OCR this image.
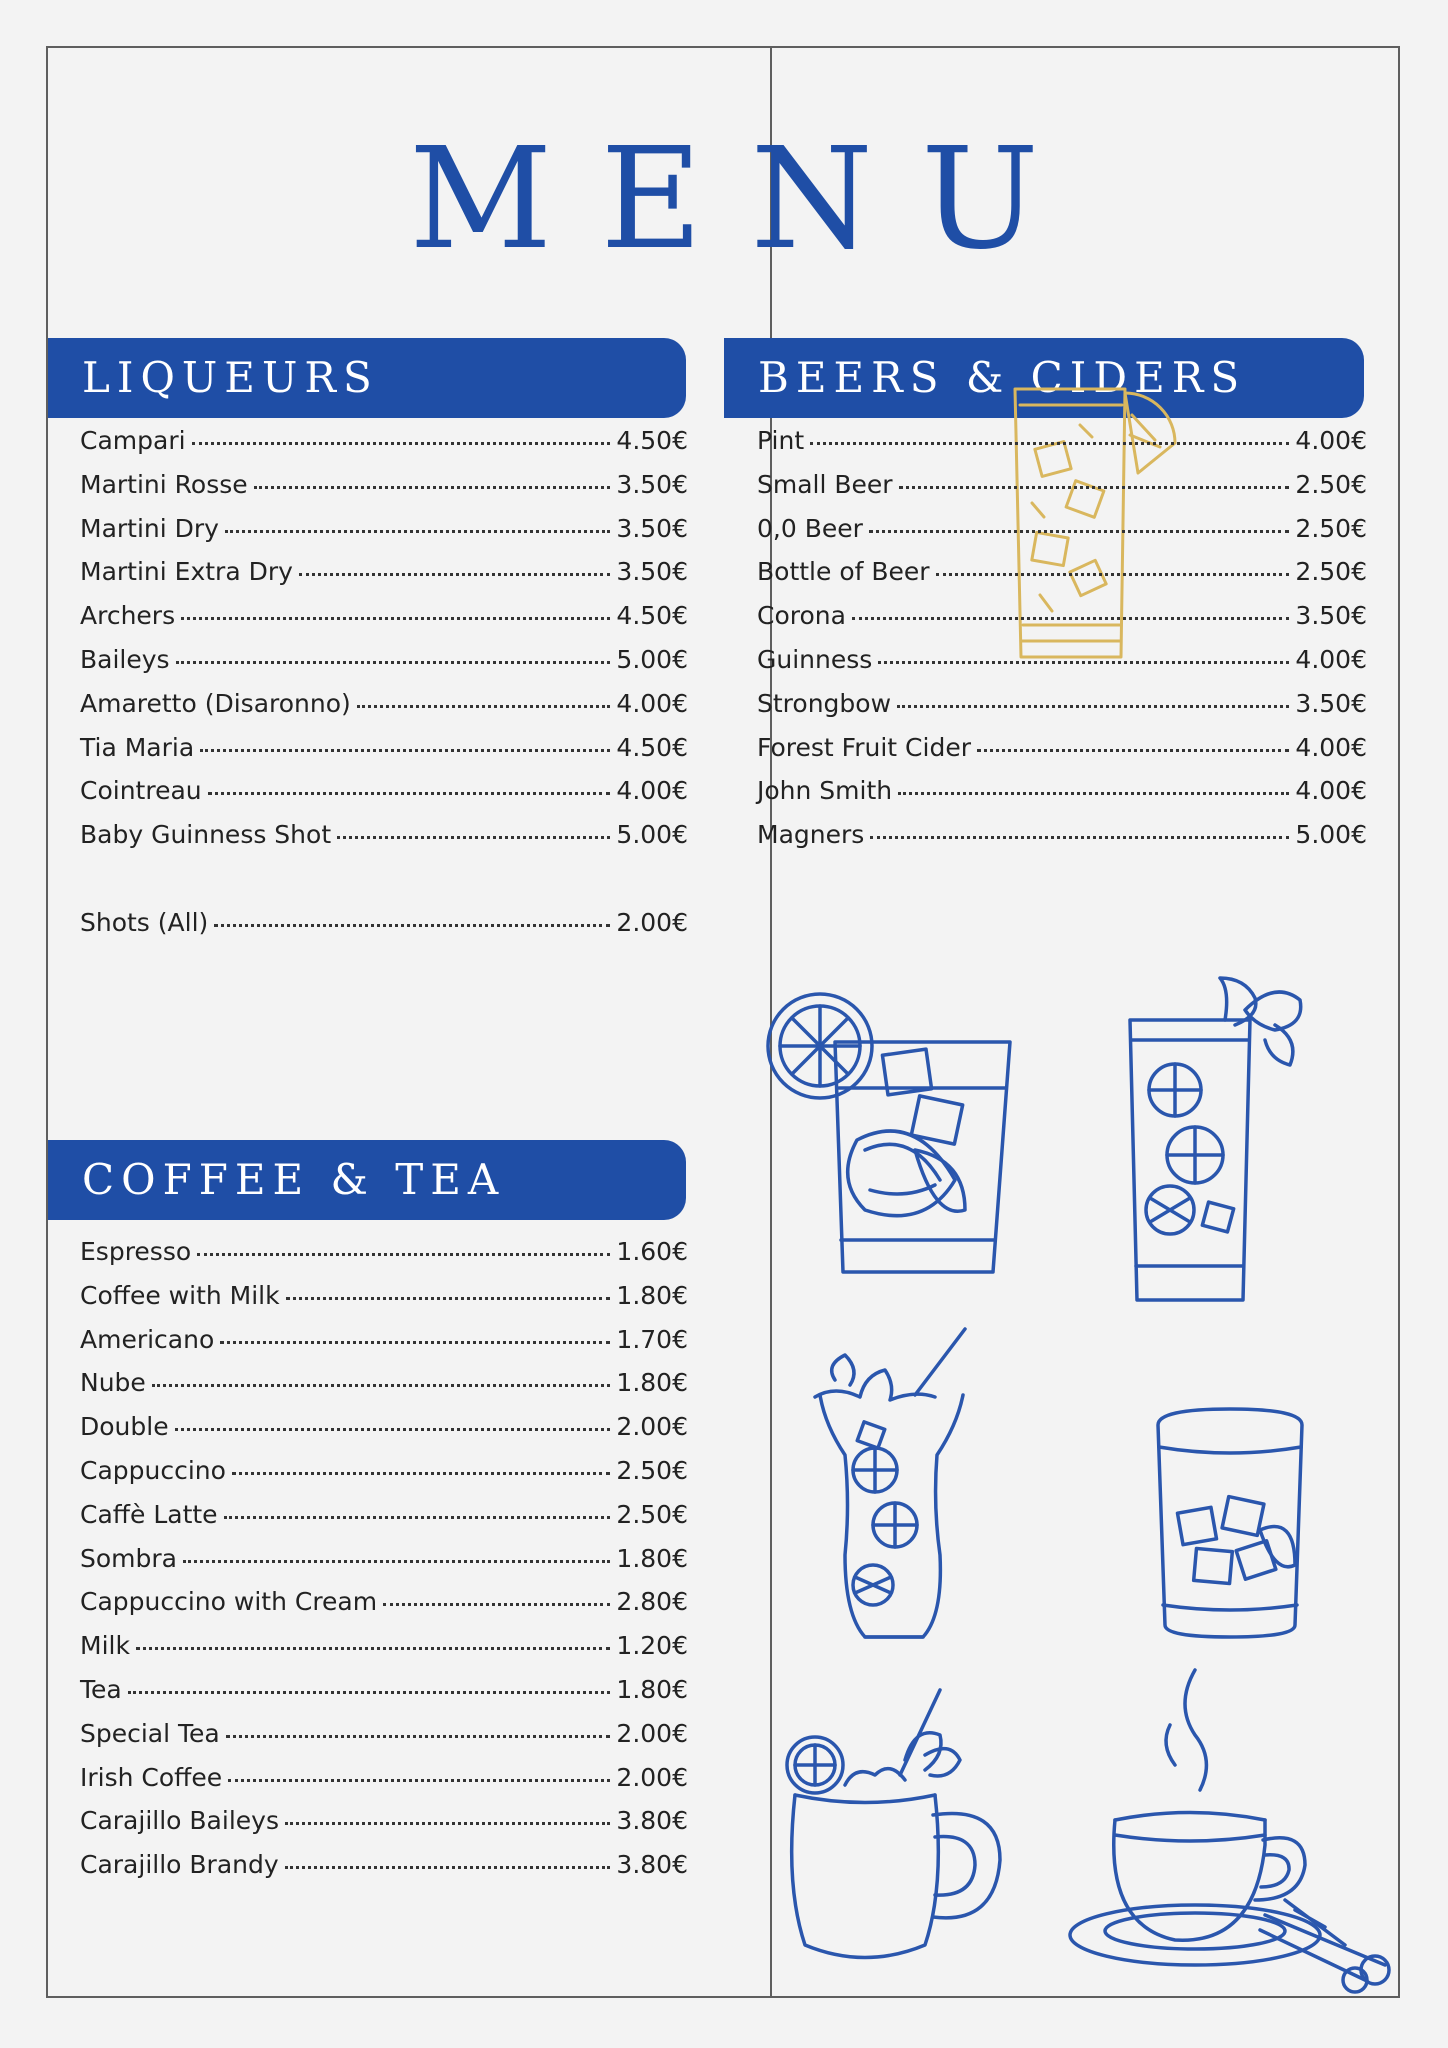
MENU
LIQUEURS	BEERS & CIDERS
COFFEE & TEA
Campari	4.50€
Martini Rosse	3.50€
Martini Dry	3.50€
Martini Extra Dry	3.50€
Archers	4.50€
Baileys	5.00€
Amaretto (Disaronno)	4.00€
Tia Maria	4.50€
Cointreau	4.00€
Baby Guinness Shot	5.00€
Shots (All)	2.00€
Pint	4.00€
Small Beer	2.50€
0,0 Beer	2.50€
Bottle of Beer	2.50€
Corona	3.50€
Guinness	4.00€
Strongbow	3.50€
Forest Fruit Cider	4.00€
John Smith	4.00€
Magners	5.00€
Espresso	1.60€
Coffee with Milk	1.80€
Americano	1.70€
Nube	1.80€
Double	2.00€
Cappuccino	2.50€
Caffè Latte	2.50€
Sombra	1.80€
Cappuccino with Cream	2.80€
Milk	1.20€
Tea	1.80€
Special Tea	2.00€
Irish Coffee	2.00€
Carajillo Baileys	3.80€
Carajillo Brandy	3.80€
